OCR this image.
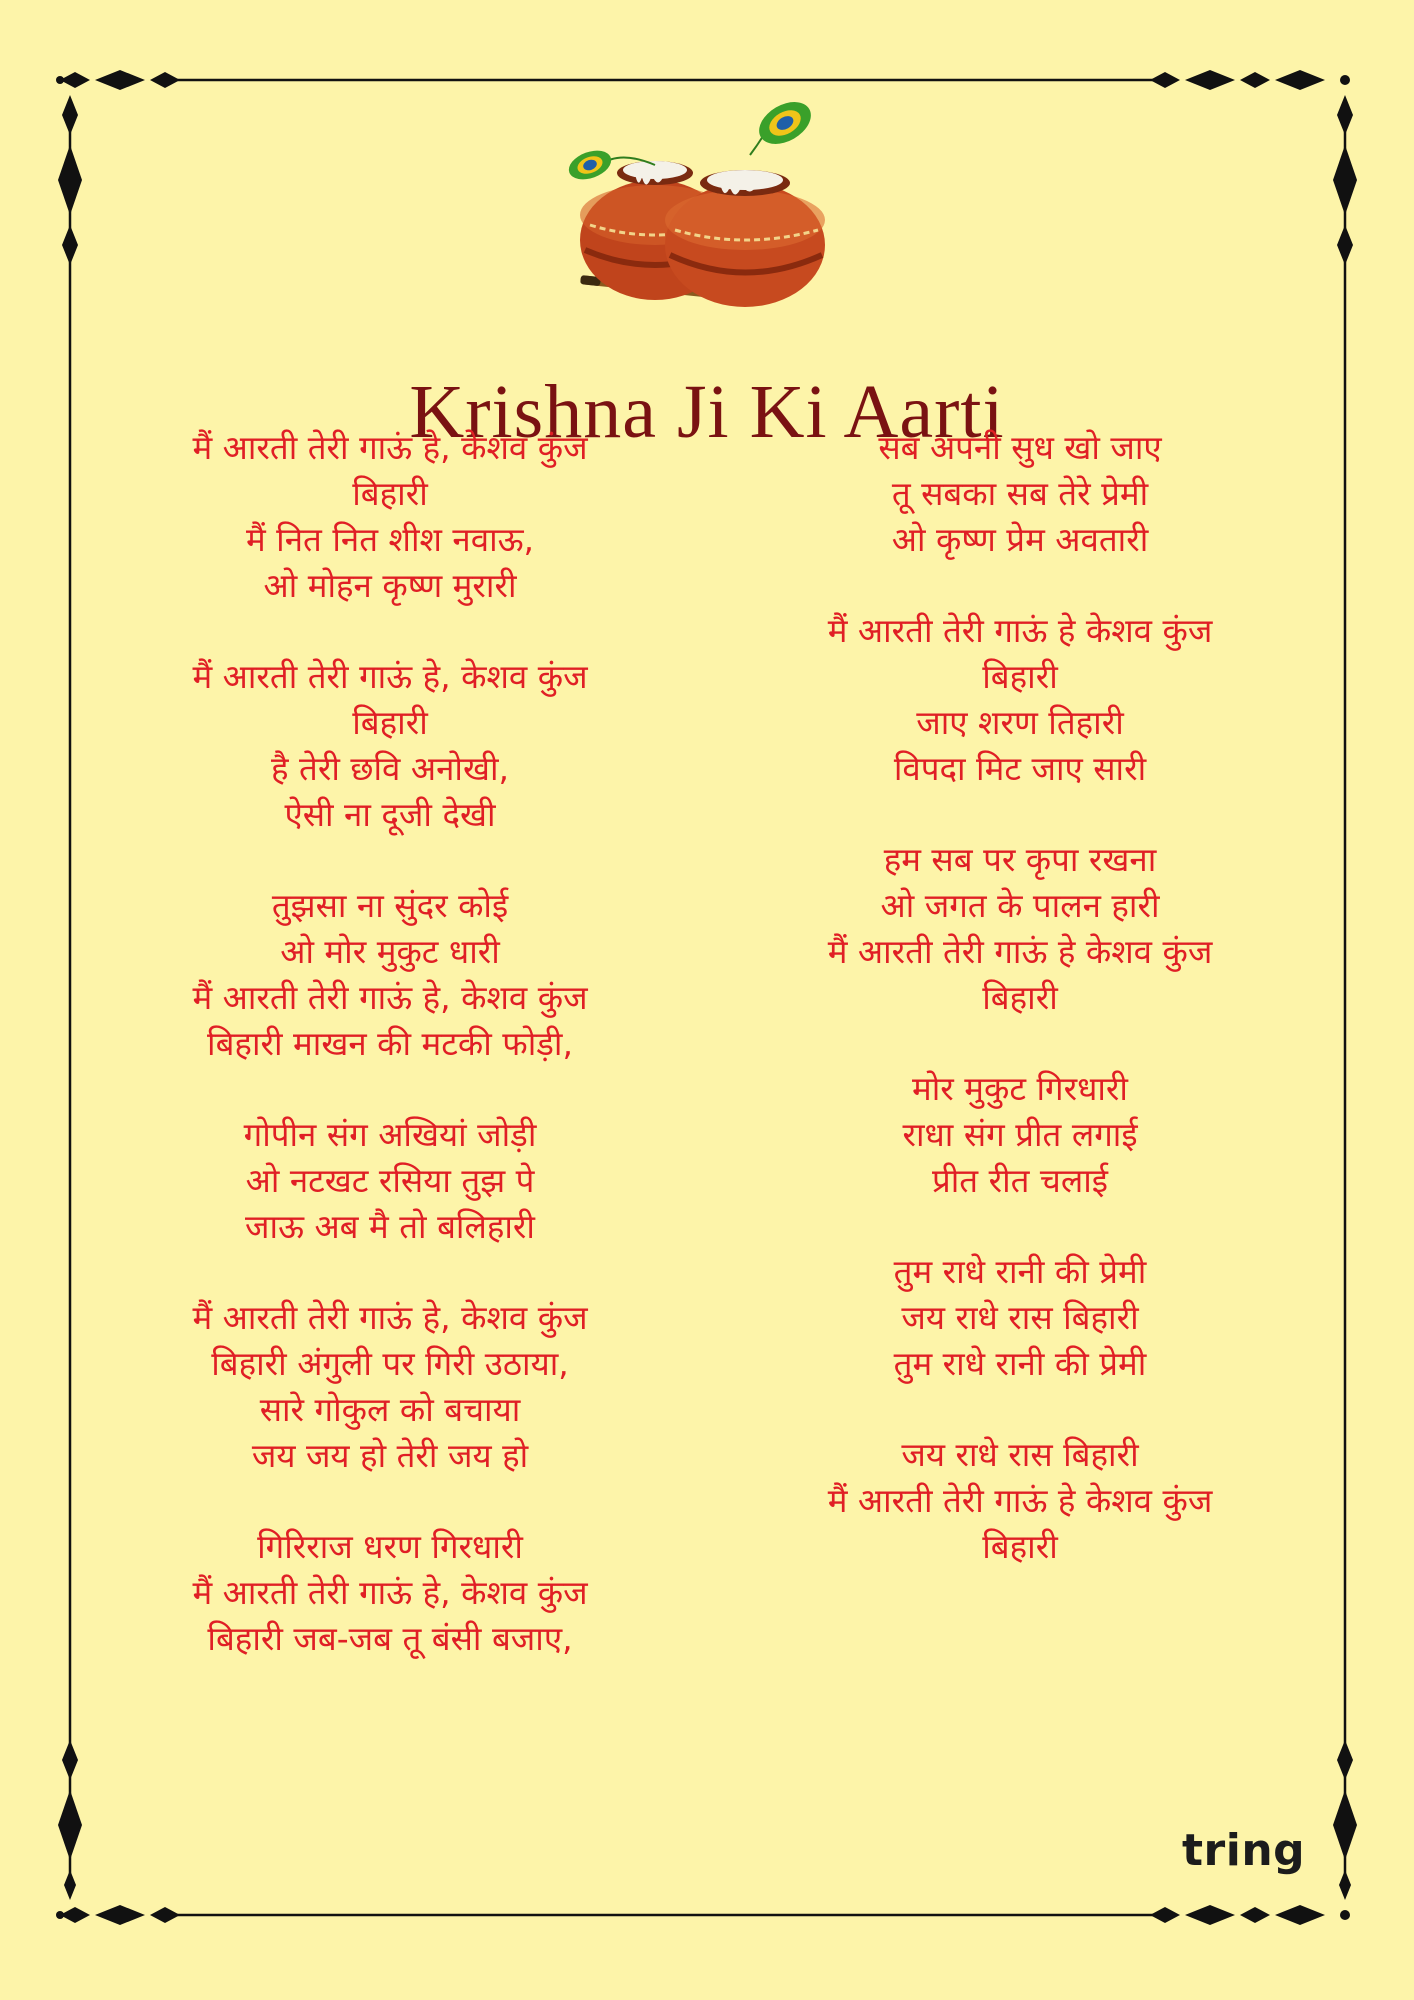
Krishna Ji Ki Aarti
मैं आरती तेरी गाऊं हे, केशव कुंज
बिहारी
मैं नित नित शीश नवाऊ,
ओ मोहन कृष्ण मुरारी
मैं आरती तेरी गाऊं हे, केशव कुंज
बिहारी
है तेरी छवि अनोखी,
ऐसी ना दूजी देखी
तुझसा ना सुंदर कोई
ओ मोर मुकुट धारी
मैं आरती तेरी गाऊं हे, केशव कुंज
बिहारी माखन की मटकी फोड़ी,
गोपीन संग अखियां जोड़ी
ओ नटखट रसिया तुझ पे
जाऊ अब मै तो बलिहारी
मैं आरती तेरी गाऊं हे, केशव कुंज
बिहारी अंगुली पर गिरी उठाया,
सारे गोकुल को बचाया
जय जय हो तेरी जय हो
गिरिराज धरण गिरधारी
मैं आरती तेरी गाऊं हे, केशव कुंज
बिहारी जब-जब तू बंसी बजाए,
सब अपनी सुध खो जाए
तू सबका सब तेरे प्रेमी
ओ कृष्ण प्रेम अवतारी
मैं आरती तेरी गाऊं हे केशव कुंज
बिहारी
जाए शरण तिहारी
विपदा मिट जाए सारी
हम सब पर कृपा रखना
ओ जगत के पालन हारी
मैं आरती तेरी गाऊं हे केशव कुंज
बिहारी
मोर मुकुट गिरधारी
राधा संग प्रीत लगाई
प्रीत रीत चलाई
तुम राधे रानी की प्रेमी
जय राधे रास बिहारी
तुम राधे रानी की प्रेमी
जय राधे रास बिहारी
मैं आरती तेरी गाऊं हे केशव कुंज
बिहारी
tring
